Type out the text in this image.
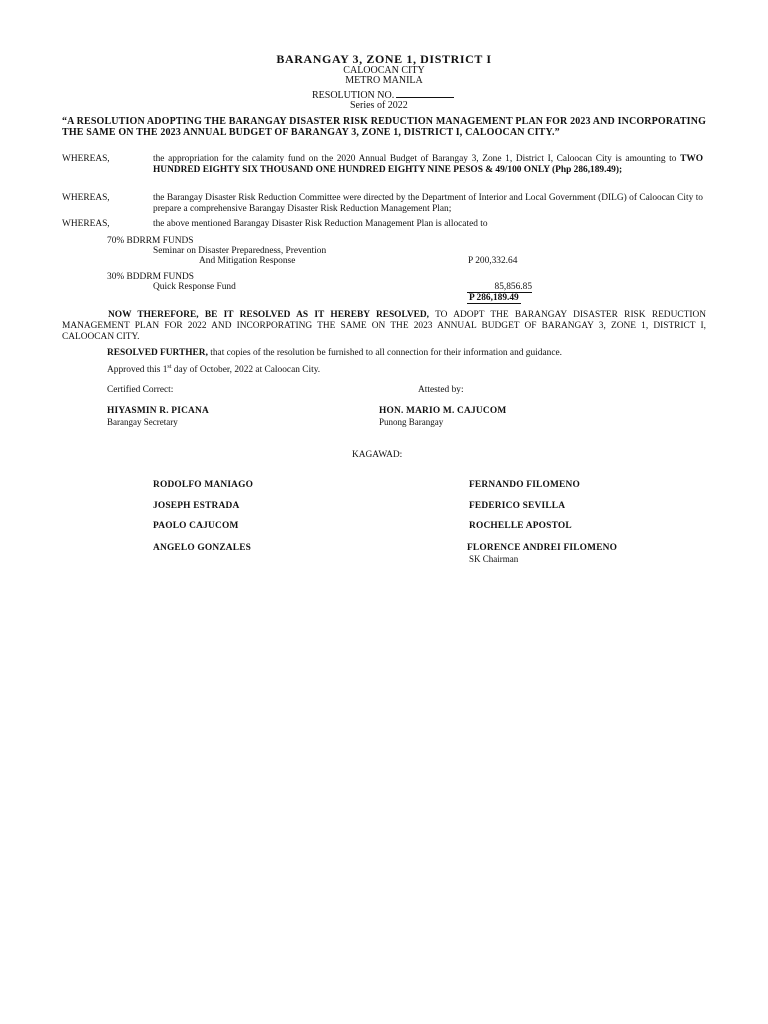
BARANGAY 3, ZONE 1, DISTRICT I
CALOOCAN CITY
METRO MANILA
RESOLUTION NO.
Series of 2022
“A RESOLUTION ADOPTING THE BARANGAY DISASTER RISK REDUCTION MANAGEMENT PLAN FOR 2023 AND INCORPORATING THE SAME ON THE 2023 ANNUAL BUDGET OF BARANGAY 3, ZONE 1, DISTRICT I, CALOOCAN CITY.”
WHEREAS,	the appropriation for the calamity fund on the 2020 Annual Budget of Barangay 3, Zone 1, District I, Caloocan City is amounting to TWO HUNDRED EIGHTY SIX THOUSAND ONE HUNDRED EIGHTY NINE PESOS & 49/100 ONLY (Php 286,189.49);
WHEREAS,	the Barangay Disaster Risk Reduction Committee were directed by the Department of Interior and Local Government (DILG) of Caloocan City to prepare a comprehensive Barangay Disaster Risk Reduction Management Plan;
WHEREAS,	the above mentioned Barangay Disaster Risk Reduction Management Plan is allocated to
70% BDRRM FUNDS
Seminar on Disaster Preparedness, Prevention
And Mitigation Response	P 200,332.64
30% BDDRM FUNDS
Quick Response Fund	85,856.85
P 286,189.49
NOW THEREFORE, BE IT RESOLVED AS IT HEREBY RESOLVED, TO ADOPT THE BARANGAY DISASTER RISK REDUCTION MANAGEMENT PLAN FOR 2022 AND INCORPORATING THE SAME ON THE 2023 ANNUAL BUDGET OF BARANGAY 3, ZONE 1, DISTRICT I, CALOOCAN CITY.
RESOLVED FURTHER, that copies of the resolution be furnished to all connection for their information and guidance.
Approved this 1st day of October, 2022 at Caloocan City.
Certified Correct:	Attested by:
HIYASMIN R. PICANA
Barangay Secretary
HON. MARIO M. CAJUCOM
Punong Barangay
KAGAWAD:
RODOLFO MANIAGO	FERNANDO FILOMENO
JOSEPH ESTRADA	FEDERICO SEVILLA
PAOLO CAJUCOM	ROCHELLE APOSTOL
ANGELO GONZALES	FLORENCE ANDREI FILOMENO
SK Chairman
